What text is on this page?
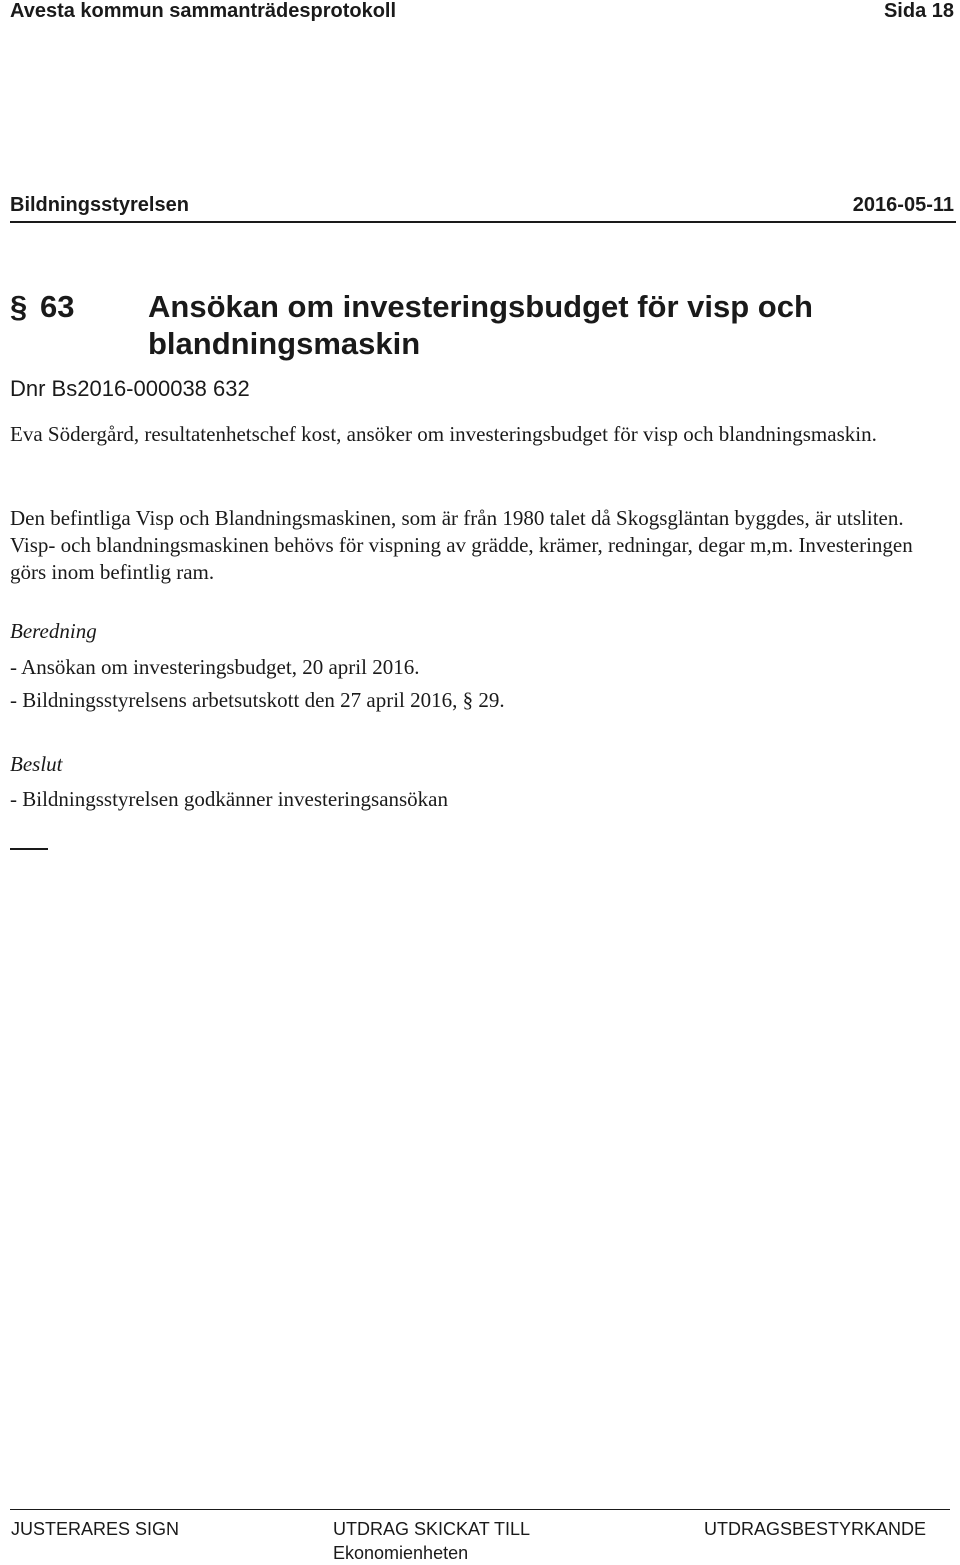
Avesta kommun sammanträdesprotokoll	Sida 18
Bildningsstyrelsen	2016-05-11
§ 63 Ansökan om investeringsbudget för visp och blandningsmaskin
Dnr Bs2016-000038 632
Eva Södergård, resultatenhetschef kost, ansöker om investeringsbudget för visp och blandningsmaskin.
Den befintliga Visp och Blandningsmaskinen, som är från 1980 talet då Skogsgläntan byggdes, är utsliten. Visp- och blandningsmaskinen behövs för vispning av grädde, krämer, redningar, degar m,m. Investeringen görs inom befintlig ram.
Beredning
- Ansökan om investeringsbudget, 20 april 2016.
- Bildningsstyrelsens arbetsutskott den 27 april 2016, § 29.
Beslut
- Bildningsstyrelsen godkänner investeringsansökan
JUSTERARES SIGN	UTDRAG SKICKAT TILL
Ekonomienheten
UTDRAGSBESTYRKANDE
